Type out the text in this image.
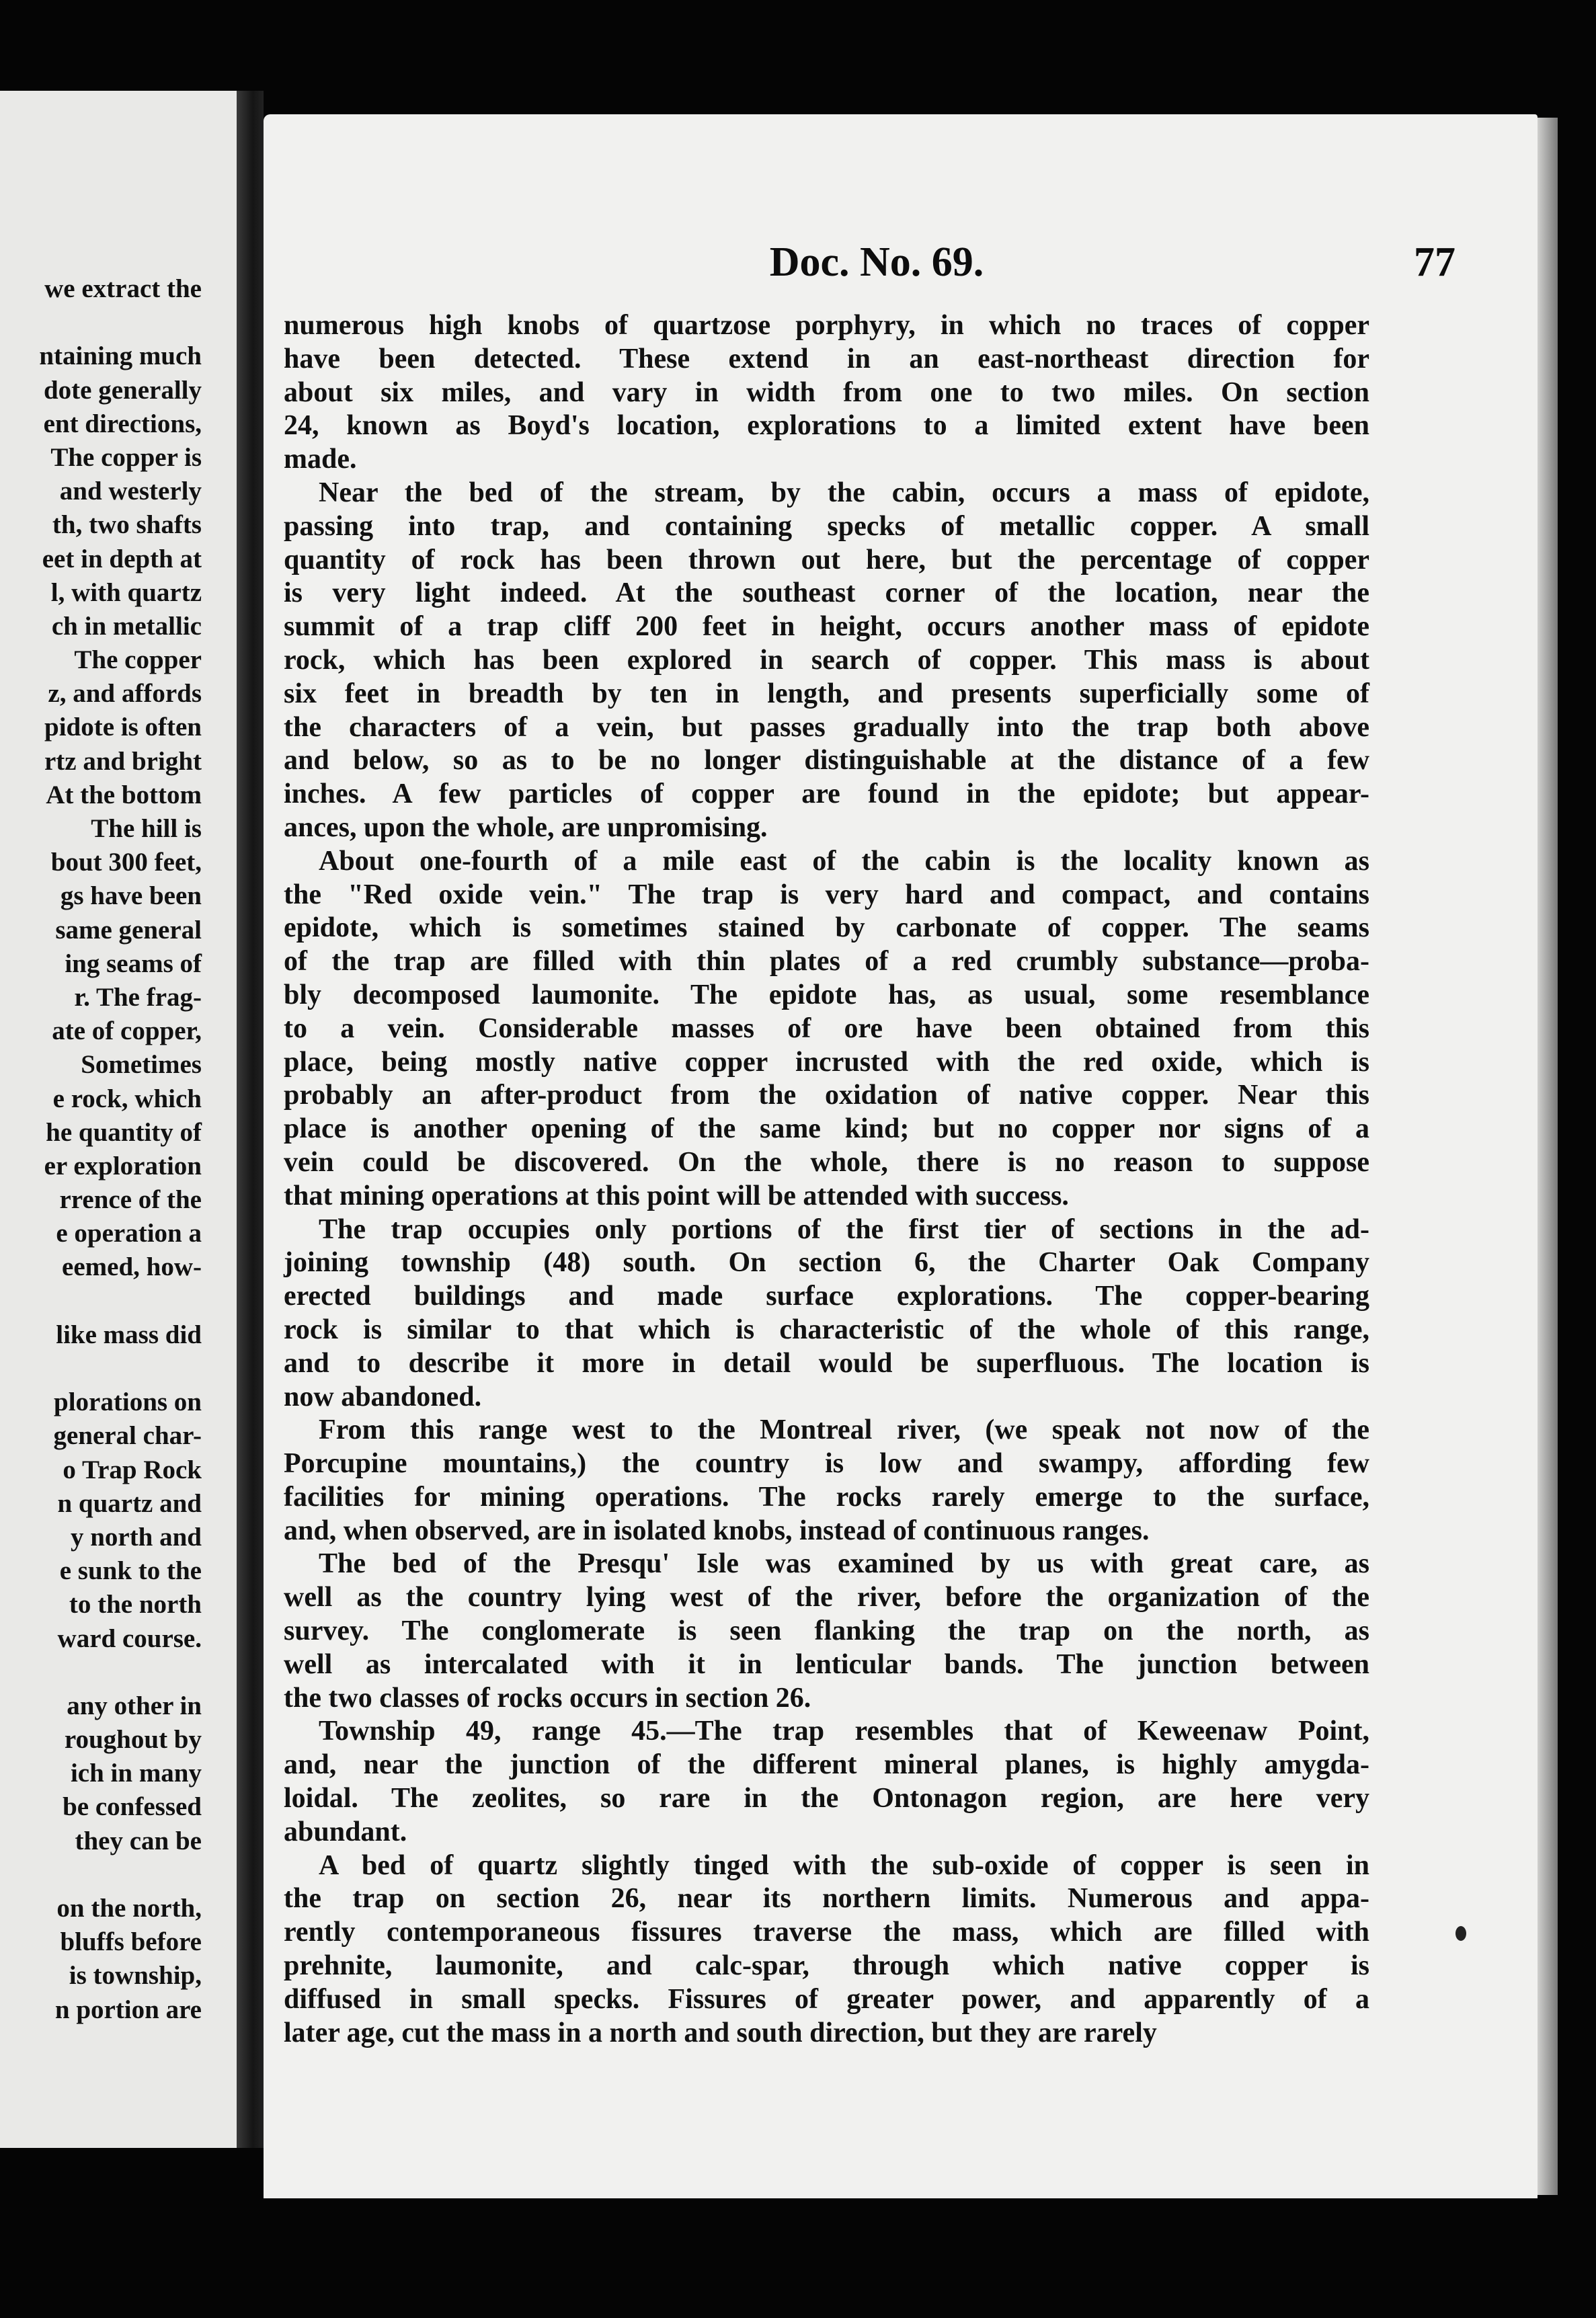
we extract the
ntaining much
dote generally
ent directions,
The copper is
and westerly
th, two shafts
eet in depth at
l, with quartz
ch in metallic
The copper
z, and affords
pidote is often
rtz and bright
At the bottom
The hill is
bout 300 feet,
gs have been
same general
ing seams of
r. The frag-
ate of copper,
Sometimes
e rock, which
he quantity of
er exploration
rrence of the
e operation a
eemed, how-
like mass did
plorations on
general char-
o Trap Rock
n quartz and
y north and
e sunk to the
to the north
ward course.
any other in
roughout by
ich in many
be confessed
they can be
on the north,
bluffs before
is township,
n portion are
Doc. No. 69.	77
numerous high knobs of quartzose porphyry, in which no traces of copper
have been detected. These extend in an east-northeast direction for
about six miles, and vary in width from one to two miles. On section
24, known as Boyd's location, explorations to a limited extent have been
made.
Near the bed of the stream, by the cabin, occurs a mass of epidote,
passing into trap, and containing specks of metallic copper. A small
quantity of rock has been thrown out here, but the percentage of copper
is very light indeed. At the southeast corner of the location, near the
summit of a trap cliff 200 feet in height, occurs another mass of epidote
rock, which has been explored in search of copper. This mass is about
six feet in breadth by ten in length, and presents superficially some of
the characters of a vein, but passes gradually into the trap both above
and below, so as to be no longer distinguishable at the distance of a few
inches. A few particles of copper are found in the epidote; but appear-
ances, upon the whole, are unpromising.
About one-fourth of a mile east of the cabin is the locality known as
the "Red oxide vein." The trap is very hard and compact, and contains
epidote, which is sometimes stained by carbonate of copper. The seams
of the trap are filled with thin plates of a red crumbly substance—proba-
bly decomposed laumonite. The epidote has, as usual, some resemblance
to a vein. Considerable masses of ore have been obtained from this
place, being mostly native copper incrusted with the red oxide, which is
probably an after-product from the oxidation of native copper. Near this
place is another opening of the same kind; but no copper nor signs of a
vein could be discovered. On the whole, there is no reason to suppose
that mining operations at this point will be attended with success.
The trap occupies only portions of the first tier of sections in the ad-
joining township (48) south. On section 6, the Charter Oak Company
erected buildings and made surface explorations. The copper-bearing
rock is similar to that which is characteristic of the whole of this range,
and to describe it more in detail would be superfluous. The location is
now abandoned.
From this range west to the Montreal river, (we speak not now of the
Porcupine mountains,) the country is low and swampy, affording few
facilities for mining operations. The rocks rarely emerge to the surface,
and, when observed, are in isolated knobs, instead of continuous ranges.
The bed of the Presqu' Isle was examined by us with great care, as
well as the country lying west of the river, before the organization of the
survey. The conglomerate is seen flanking the trap on the north, as
well as intercalated with it in lenticular bands. The junction between
the two classes of rocks occurs in section 26.
Township 49, range 45.—The trap resembles that of Keweenaw Point,
and, near the junction of the different mineral planes, is highly amygda-
loidal. The zeolites, so rare in the Ontonagon region, are here very
abundant.
A bed of quartz slightly tinged with the sub-oxide of copper is seen in
the trap on section 26, near its northern limits. Numerous and appa-
rently contemporaneous fissures traverse the mass, which are filled with
prehnite, laumonite, and calc-spar, through which native copper is
diffused in small specks. Fissures of greater power, and apparently of a
later age, cut the mass in a north and south direction, but they are rarely
